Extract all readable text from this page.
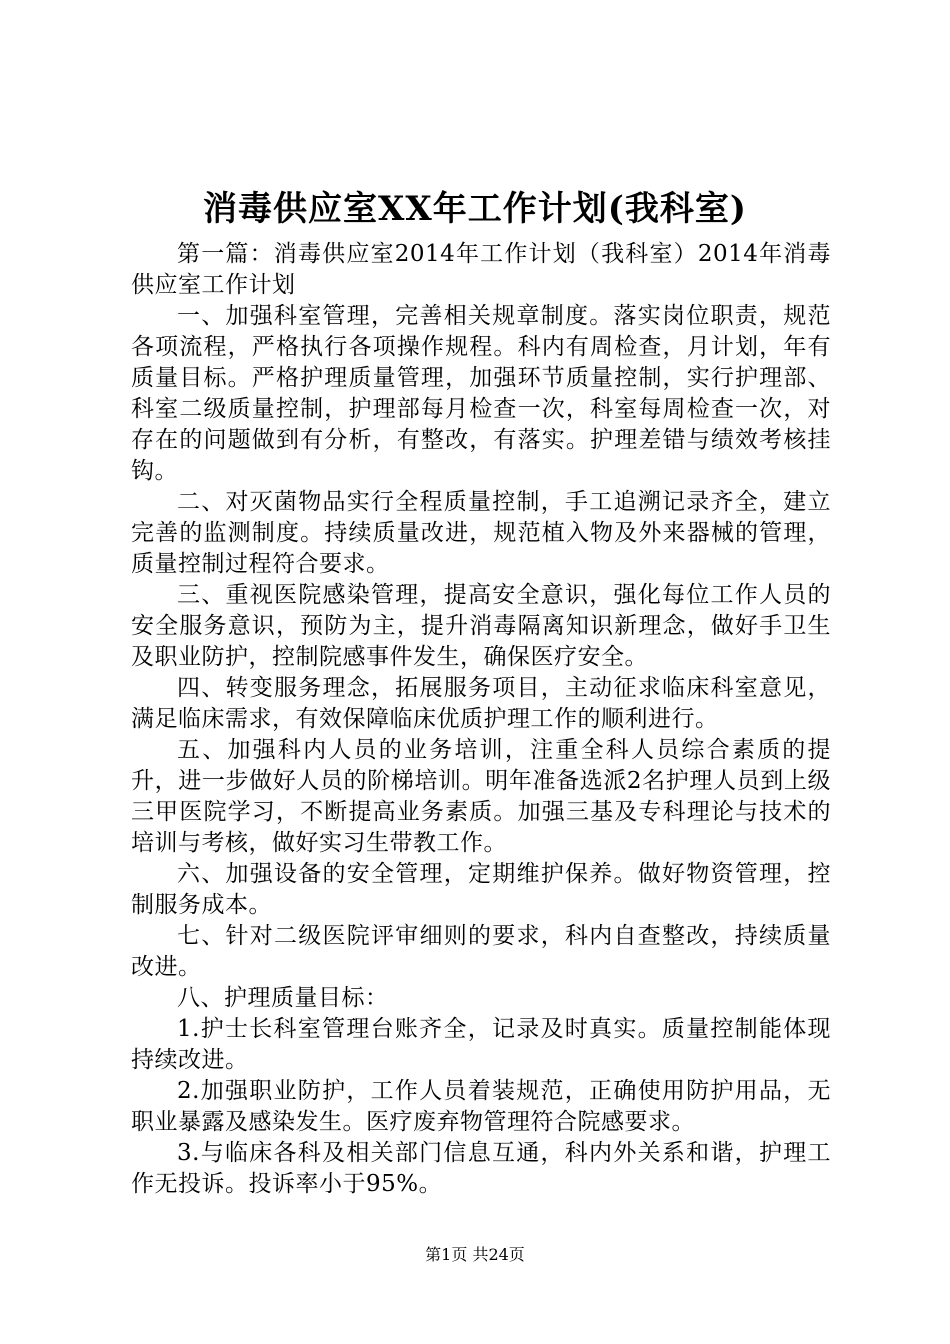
消毒供应室XX年工作计划(我科室)

第一篇：消毒供应室2014年工作计划（我科室）2014年消毒供应室工作计划

一、加强科室管理，完善相关规章制度。落实岗位职责，规范各项流程，严格执行各项操作规程。科内有周检查，月计划，年有质量目标。严格护理质量管理，加强环节质量控制，实行护理部、科室二级质量控制，护理部每月检查一次，科室每周检查一次，对存在的问题做到有分析，有整改，有落实。护理差错与绩效考核挂钩。

二、对灭菌物品实行全程质量控制，手工追溯记录齐全，建立完善的监测制度。持续质量改进，规范植入物及外来器械的管理，质量控制过程符合要求。

三、重视医院感染管理，提高安全意识，强化每位工作人员的安全服务意识，预防为主，提升消毒隔离知识新理念，做好手卫生及职业防护，控制院感事件发生，确保医疗安全。

四、转变服务理念，拓展服务项目，主动征求临床科室意见，满足临床需求，有效保障临床优质护理工作的顺利进行。

五、加强科内人员的业务培训，注重全科人员综合素质的提升，进一步做好人员的阶梯培训。明年准备选派2名护理人员到上级三甲医院学习，不断提高业务素质。加强三基及专科理论与技术的培训与考核，做好实习生带教工作。

六、加强设备的安全管理，定期维护保养。做好物资管理，控制服务成本。

七、针对二级医院评审细则的要求，科内自查整改，持续质量改进。

八、护理质量目标：

1.护士长科室管理台账齐全，记录及时真实。质量控制能体现持续改进。

2.加强职业防护，工作人员着装规范，正确使用防护用品，无职业暴露及感染发生。医疗废弃物管理符合院感要求。

3.与临床各科及相关部门信息互通，科内外关系和谐，护理工作无投诉。投诉率小于95%。

第1页 共24页
